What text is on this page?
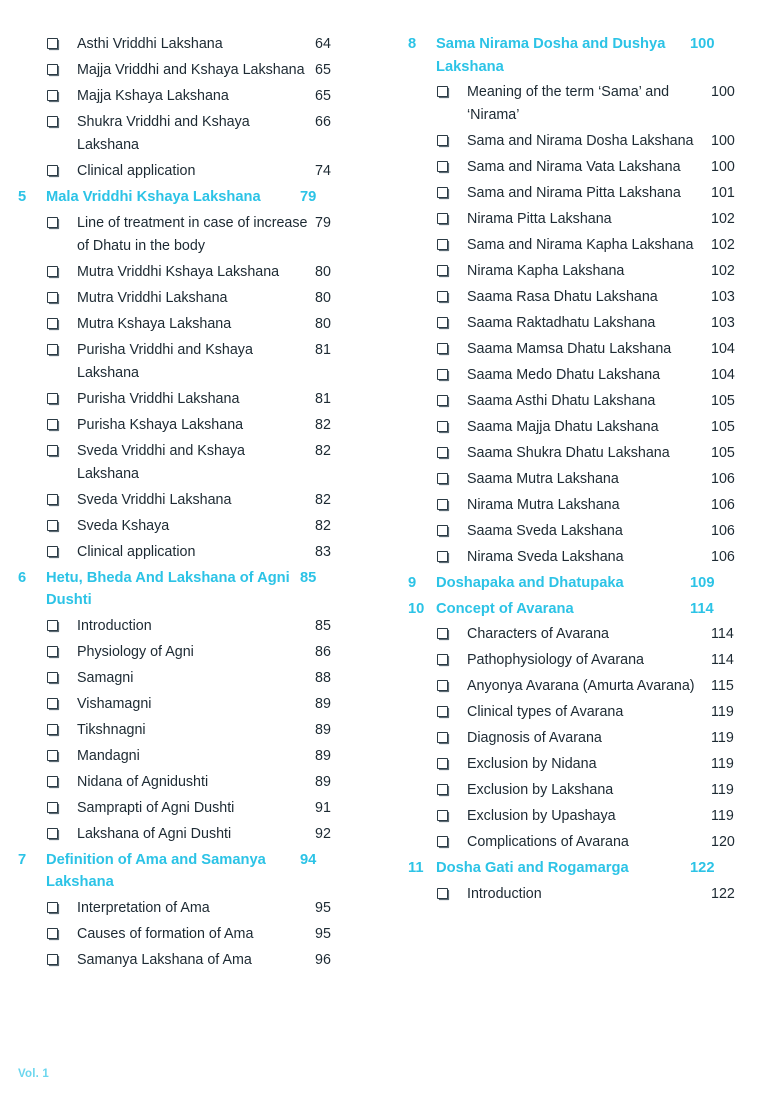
Asthi Vriddhi Lakshana	64
Majja Vriddhi and Kshaya Lakshana 65
Majja Kshaya Lakshana	65
Shukra Vriddhi and Kshaya Lakshana
66
Clinical application	74
5	Mala Vriddhi Kshaya Lakshana	79
Line of treatment in case of increase of Dhatu in the body
79
Mutra Vriddhi Kshaya Lakshana	80
Mutra Vriddhi Lakshana	80
Mutra Kshaya Lakshana	80
Purisha Vriddhi and Kshaya Lakshana
81
Purisha Vriddhi Lakshana	81
Purisha Kshaya Lakshana	82
Sveda Vriddhi and Kshaya Lakshana
82
Sveda Vriddhi Lakshana	82
Sveda Kshaya	82
Clinical application	83
6	Hetu, Bheda And Lakshana of Agni Dushti
85
Introduction	85
Physiology of Agni	86
Samagni	88
Vishamagni	89
Tikshnagni	89
Mandagni	89
Nidana of Agnidushti	89
Samprapti of Agni Dushti	91
Lakshana of Agni Dushti	92
7	Definition of Ama and Samanya Lakshana
94
Interpretation of Ama	95
Causes of formation of Ama	95
Samanya Lakshana of Ama	96
8	Sama Nirama Dosha and Dushya Lakshana
100
Meaning of the term ‘Sama’ and ‘Nirama’
100
Sama and Nirama Dosha Lakshana	100
Sama and Nirama Vata Lakshana	100
Sama and Nirama Pitta Lakshana	101
Nirama Pitta Lakshana	102
Sama and Nirama Kapha Lakshana	102
Nirama Kapha Lakshana	102
Saama Rasa Dhatu Lakshana	103
Saama Raktadhatu Lakshana	103
Saama Mamsa Dhatu Lakshana	104
Saama Medo Dhatu Lakshana	104
Saama Asthi Dhatu Lakshana	105
Saama Majja Dhatu Lakshana	105
Saama Shukra Dhatu Lakshana	105
Saama Mutra Lakshana	106
Nirama Mutra Lakshana	106
Saama Sveda Lakshana	106
Nirama Sveda Lakshana	106
9	Doshapaka and Dhatupaka	109
10 Concept of Avarana	114
Characters of Avarana	114
Pathophysiology of Avarana	114
Anyonya Avarana (Amurta Avarana)	115
Clinical types of Avarana	119
Diagnosis of Avarana	119
Exclusion by Nidana	119
Exclusion by Lakshana	119
Exclusion by Upashaya	119
Complications of Avarana	120
11 Dosha Gati and Rogamarga	122
Introduction	122
Vol. 1
